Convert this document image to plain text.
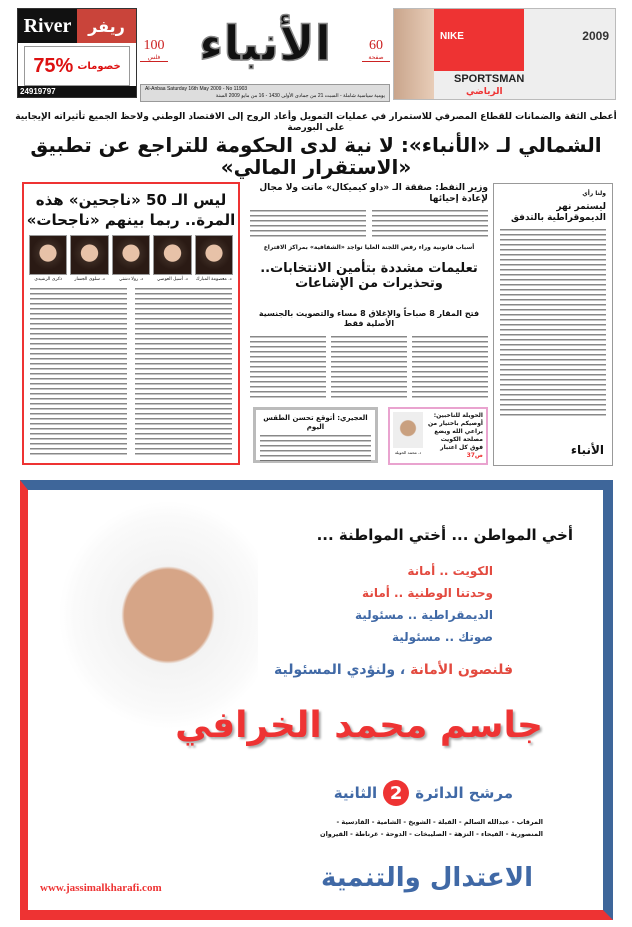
River	ريفر
75% خصومات
24919797
100
فلس الأنباء	60
صفحة
Al-Anbaa Saturday 16th May 2009 - No 11903
يومية سياسية شاملة - السبت 21 من جمادى الأولى 1430 - 16 من مايو 2009 السنة
NIKE	2009
SPORTSMAN
الرياضي
أعطى الثقة والضمانات للقطاع المصرفي للاستمرار في عمليات التمويل وأعاد الروح إلى الاقتصاد الوطني ولاحظ الجميع تأثيراته الإيجابية على البورصة
الشمالي لـ «الأنباء»: لا نية لدى الحكومة للتراجع عن تطبيق «الاستقرار المالي»
ليس الـ 50 «ناجحين» هذه المرة.. ربما بينهم «ناجحات»
د. معصومة المبارك
د. أسيل العوضي
د. رولا دشتي
د. سلوى الجسار
ذكرى الرشيدي
وزير النفط: صفقة الـ «داو كيميكال» ماتت ولا مجال لإعادة إحيائها
أسباب قانونية وراء رفض اللجنة العليا تواجد «الشفافية» بمراكز الاقتراع
تعليمات مشددة بتأمين الانتخابات.. وتحذيرات من الإشاعات
فتح المقار 8 صباحاً والإغلاق 8 مساء والتصويت بالجنسية الأصلية فقط
العجيري: أتوقع تحسن الطقس اليوم
الحويلة للناخبين: أوصيكم باختيار من يراعي الله ويضع مصلحة الكويت فوق كل اعتبار ص37
د. محمد الحويلة
ولنا رأي
ليستمر نهر الديموقراطية بالتدفق
الأنباء
أخي المواطن ... أختي المواطنة ...
الكويت .. أمانة
وحدتنا الوطنية .. أمانة
الديمقراطية .. مسئولية
صوتك .. مسئولية
فلنصون الأمانة ، ولنؤدي المسئولية
جاسم محمد الخرافي
مرشح الدائرة
2
الثانية
المرقاب - عبدالله السالم - القبلة - الشويخ - الشامية - القادسية -
المنصورية - الفيحاء - النزهة - الصليبخات - الدوحة - غرناطة - القيروان
الاعتدال والتنمية
www.jassimalkharafi.com
